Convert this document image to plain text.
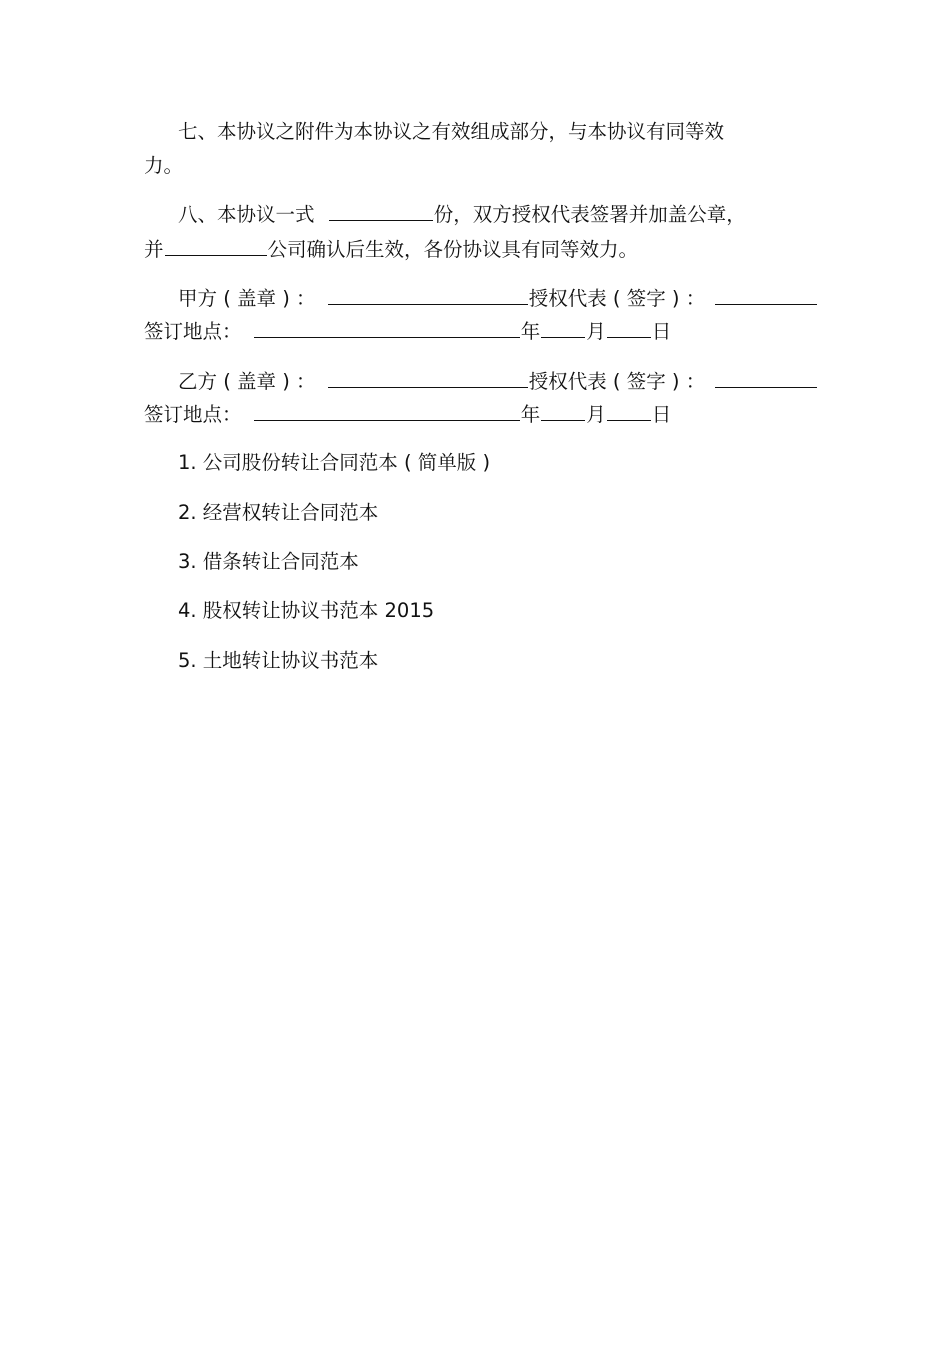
七、本协议之附件为本协议之有效组成部分，与本协议有同等效
力。
八、本协议一式	份，双方授权代表签署并加盖公章，
并	公司确认后生效，各份协议具有同等效力。
甲方 ( 盖章 ) ：	授权代表 ( 签字 ) ：
签订地点：	年 月 日
乙方 ( 盖章 ) ：	授权代表 ( 签字 ) ：
签订地点：	年 月 日
1. 公司股份转让合同范本 ( 简单版 )
2. 经营权转让合同范本
3. 借条转让合同范本
4. 股权转让协议书范本 2015
5. 土地转让协议书范本
